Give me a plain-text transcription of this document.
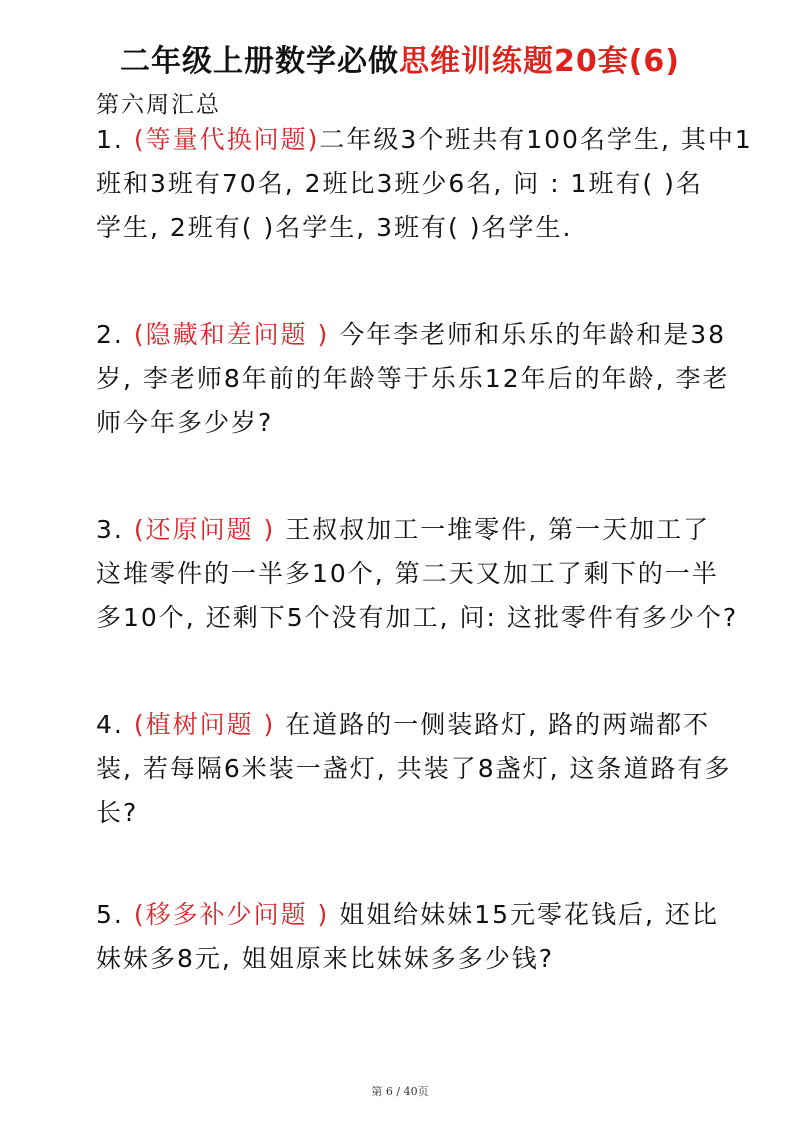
二年级上册数学必做思维训练题20套(6)
第六周汇总
1. (等量代换问题)二年级3个班共有100名学生, 其中1
班和3班有70名, 2班比3班少6名, 问 : 1班有( )名
学生, 2班有( )名学生, 3班有( )名学生.
2. (隐藏和差问题 ) 今年李老师和乐乐的年龄和是38
岁, 李老师8年前的年龄等于乐乐12年后的年龄, 李老
师今年多少岁?
3. (还原问题 ) 王叔叔加工一堆零件, 第一天加工了
这堆零件的一半多10个, 第二天又加工了剩下的一半
多10个, 还剩下5个没有加工, 问: 这批零件有多少个?
4. (植树问题 ) 在道路的一侧装路灯, 路的两端都不
装, 若每隔6米装一盏灯, 共装了8盏灯, 这条道路有多
长?
5. (移多补少问题 ) 姐姐给妹妹15元零花钱后, 还比
妹妹多8元, 姐姐原来比妹妹多多少钱?
第 6 / 40页
